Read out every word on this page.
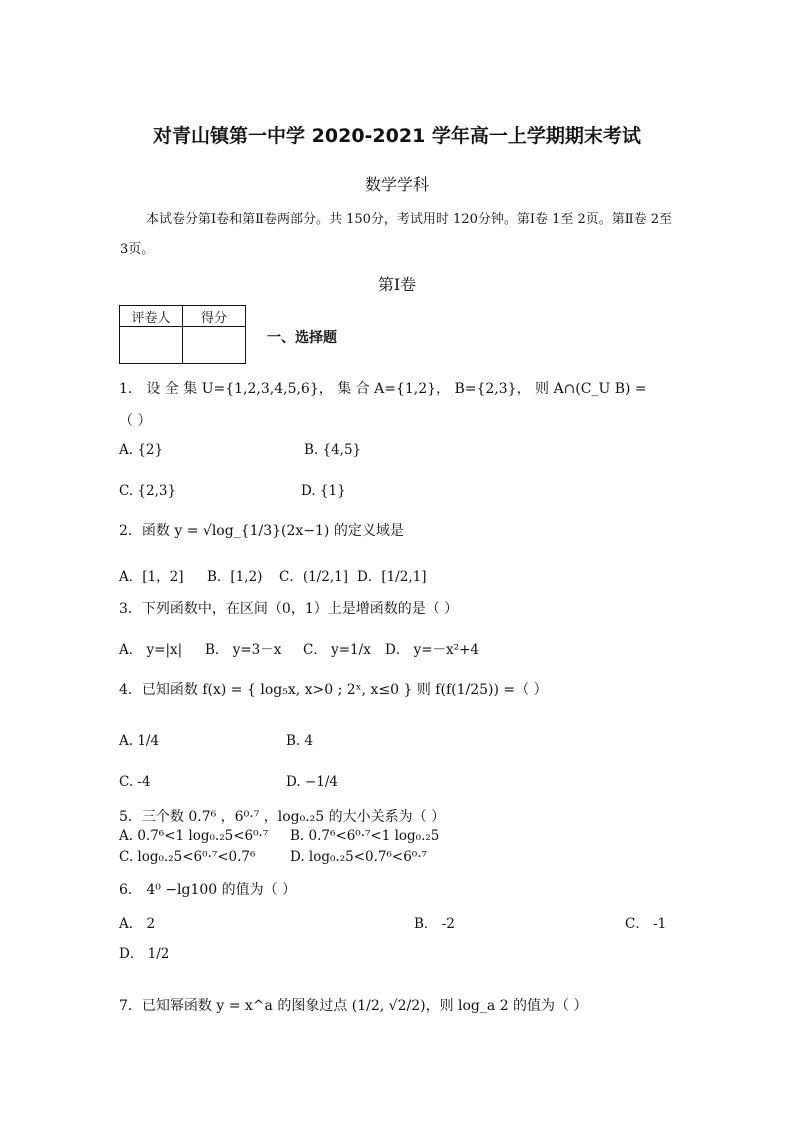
对青山镇第一中学 2020-2021 学年高一上学期期末考试
数学学科
本试卷分第Ⅰ卷和第Ⅱ卷两部分。共 150分，考试用时 120分钟。第Ⅰ卷 1至 2页。第Ⅱ卷 2至3页。
第Ⅰ卷
评卷人	得分

一、选择题
1． 设 全 集 U={1,2,3,4,5,6}， 集 合 A={1,2}， B={2,3}， 则 A∩(C_U B) =
（ ）
A. {2}	B. {4,5}
C. {2,3}	D. {1}
2．函数 y = √log_{1/3}(2x−1) 的定义域是
A．[1，2] B．[1,2) C．(1/2,1] D．[1/2,1]
3．下列函数中，在区间（0，1）上是增函数的是（ ）
A． y=|x| B． y=3－x C． y=1/x D． y=－x²+4
4．已知函数 f(x) = { log₅x, x>0 ; 2ˣ, x≤0 } 则 f(f(1/25)) =（ ）
A. 1/4	B. 4
C. -4	D. −1/4
5．三个数 0.7⁶ ，6⁰·⁷ ，log₀.₂5 的大小关系为（ ）
A. 0.7⁶<1 log₀.₂5<6⁰·⁷ B. 0.7⁶<6⁰·⁷<1 log₀.₂5
C. log₀.₂5<6⁰·⁷<0.7⁶	D. log₀.₂5<0.7⁶<6⁰·⁷
6． 4⁰ −lg100 的值为（ ）
A． 2	B． -2	C． -1
D． 1/2
7．已知幂函数 y = x^a 的图象过点 (1/2, √2/2)，则 log_a 2 的值为（ ）
